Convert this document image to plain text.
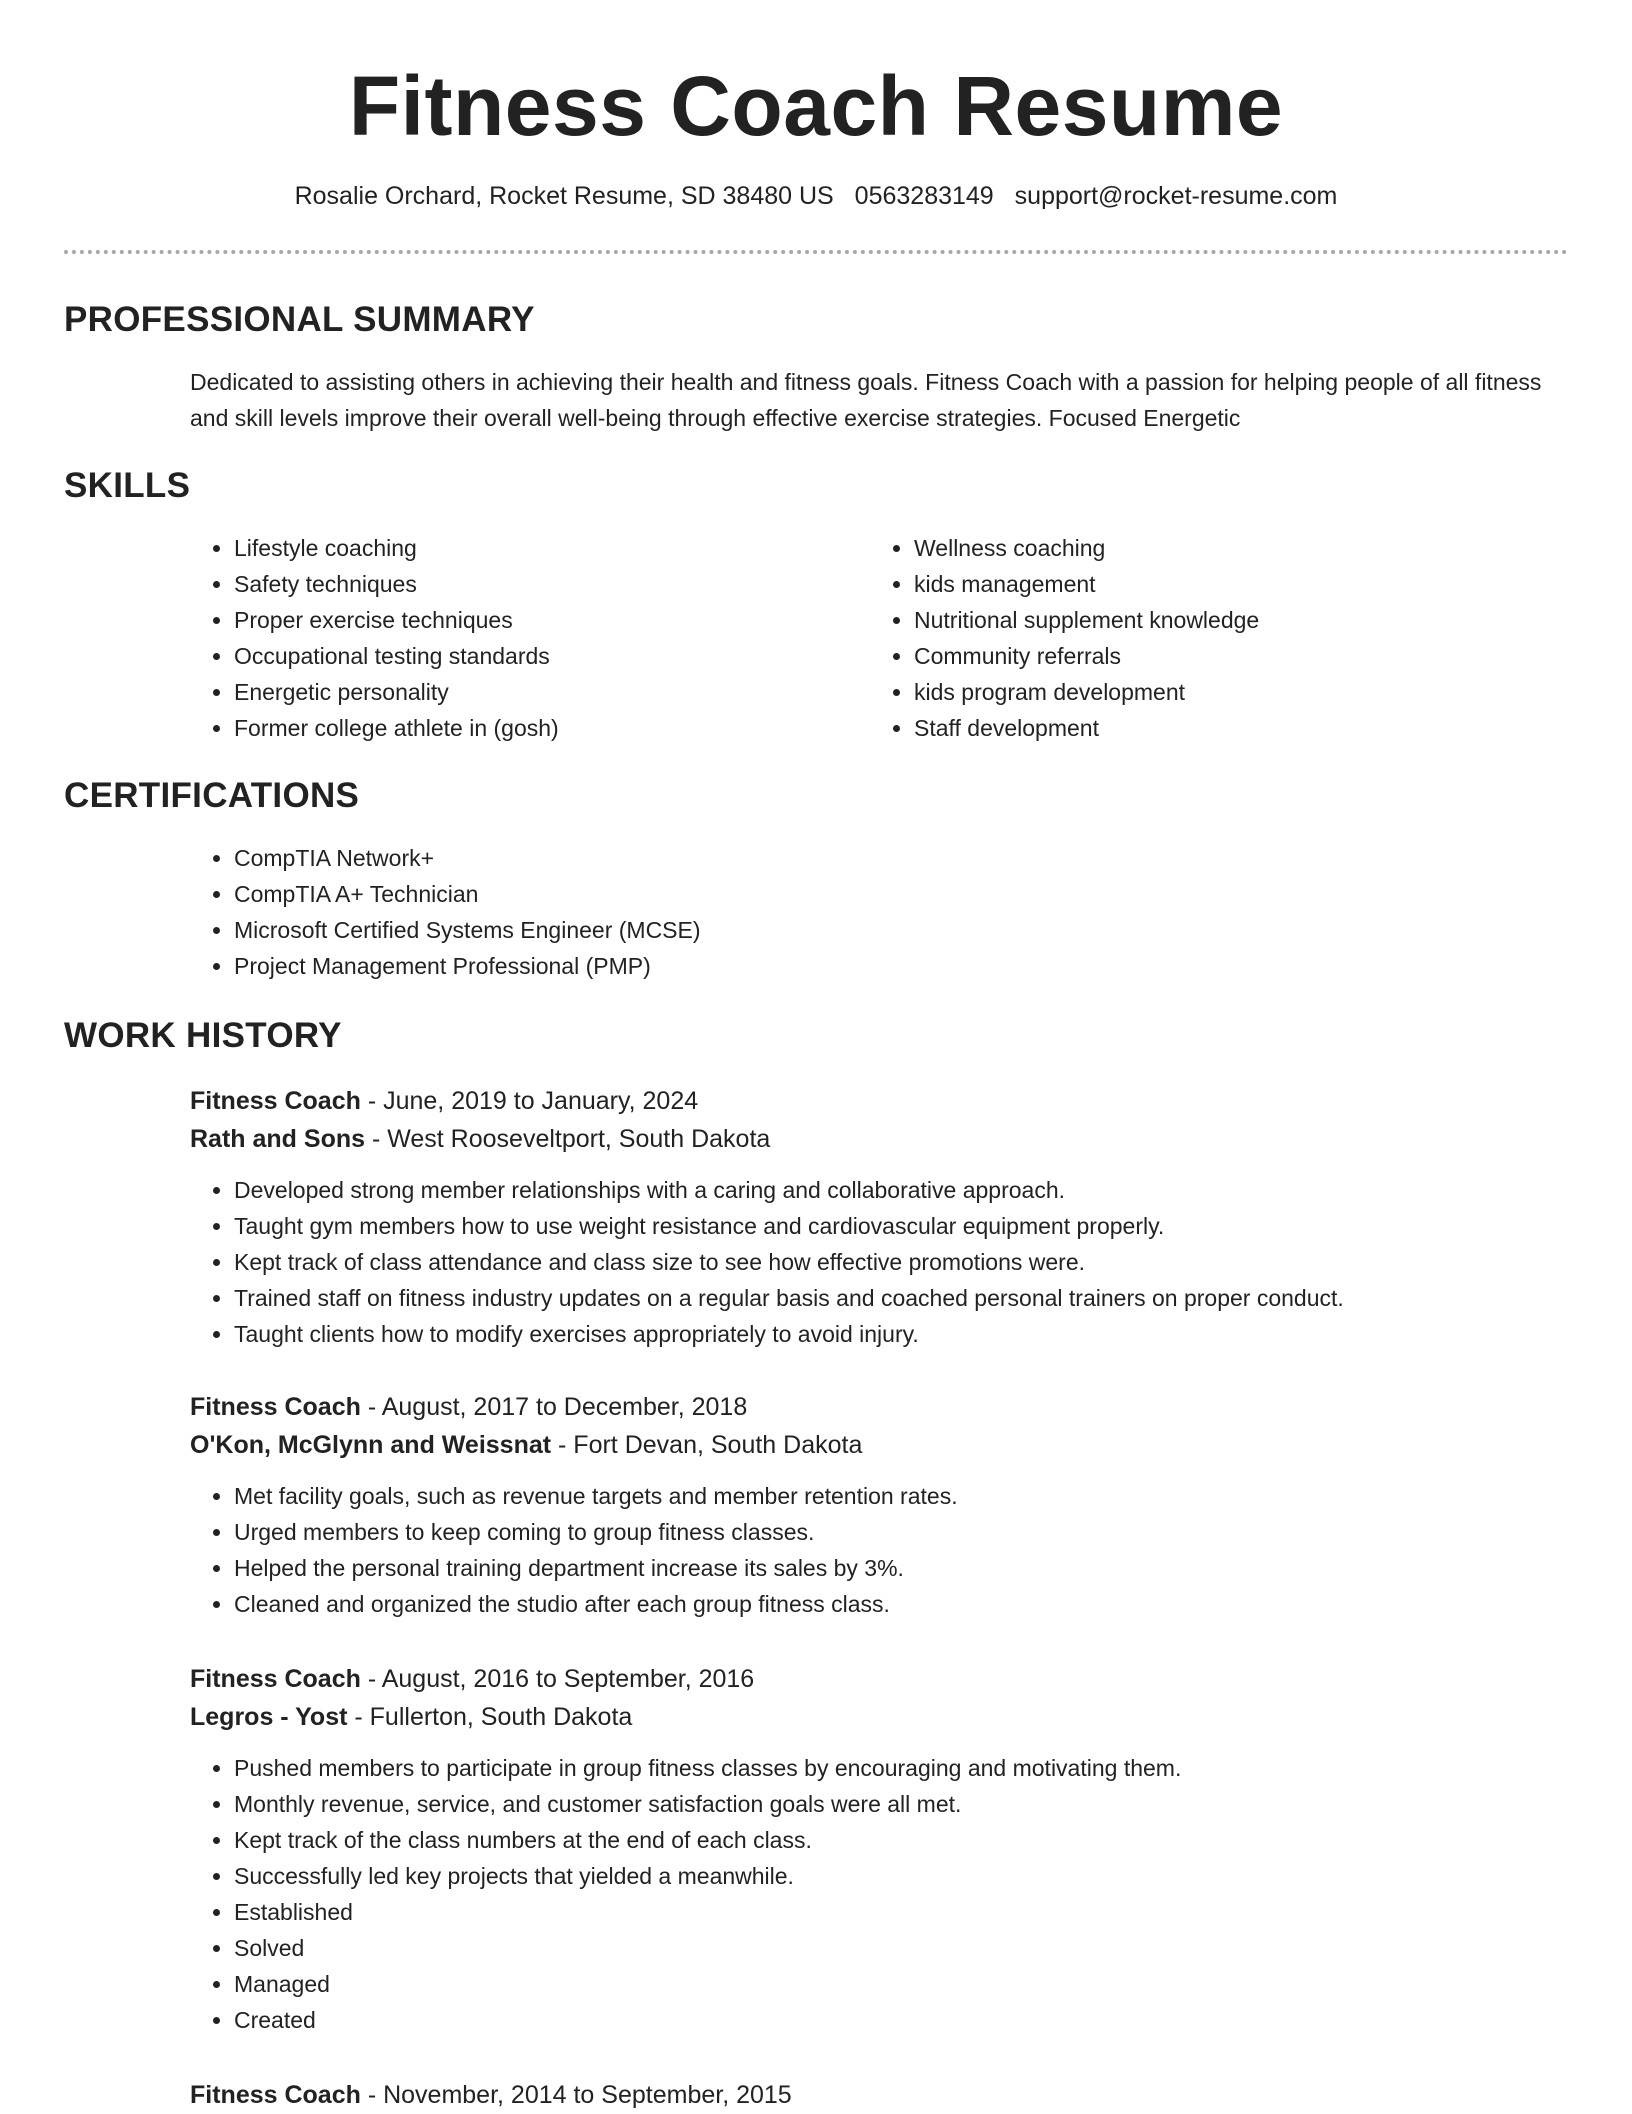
Fitness Coach Resume
Rosalie Orchard, Rocket Resume, SD 38480 US 0563283149 support@rocket-resume.com
PROFESSIONAL SUMMARY

Dedicated to assisting others in achieving their health and fitness goals. Fitness Coach with a passion for helping people of all fitness and skill levels improve their overall well-being through effective exercise strategies. Focused Energetic

SKILLS
• Lifestyle coaching
• Safety techniques
• Proper exercise techniques
• Occupational testing standards
• Energetic personality
• Former college athlete in (gosh)
• Wellness coaching
• kids management
• Nutritional supplement knowledge
• Community referrals
• kids program development
• Staff development
CERTIFICATIONS
• CompTIA Network+
• CompTIA A+ Technician
• Microsoft Certified Systems Engineer (MCSE)
• Project Management Professional (PMP)
WORK HISTORY

Fitness Coach - June, 2019 to January, 2024

Rath and Sons - West Rooseveltport, South Dakota

• Developed strong member relationships with a caring and collaborative approach.
• Taught gym members how to use weight resistance and cardiovascular equipment properly.
• Kept track of class attendance and class size to see how effective promotions were.
• Trained staff on fitness industry updates on a regular basis and coached personal trainers on proper conduct.
• Taught clients how to modify exercises appropriately to avoid injury.

Fitness Coach - August, 2017 to December, 2018

O'Kon, McGlynn and Weissnat - Fort Devan, South Dakota

• Met facility goals, such as revenue targets and member retention rates.
• Urged members to keep coming to group fitness classes.
• Helped the personal training department increase its sales by 3%.
• Cleaned and organized the studio after each group fitness class.

Fitness Coach - August, 2016 to September, 2016

Legros - Yost - Fullerton, South Dakota

• Pushed members to participate in group fitness classes by encouraging and motivating them.
• Monthly revenue, service, and customer satisfaction goals were all met.
• Kept track of the class numbers at the end of each class.
• Successfully led key projects that yielded a meanwhile.
• Established
• Solved
• Managed
• Created

Fitness Coach - November, 2014 to September, 2015
